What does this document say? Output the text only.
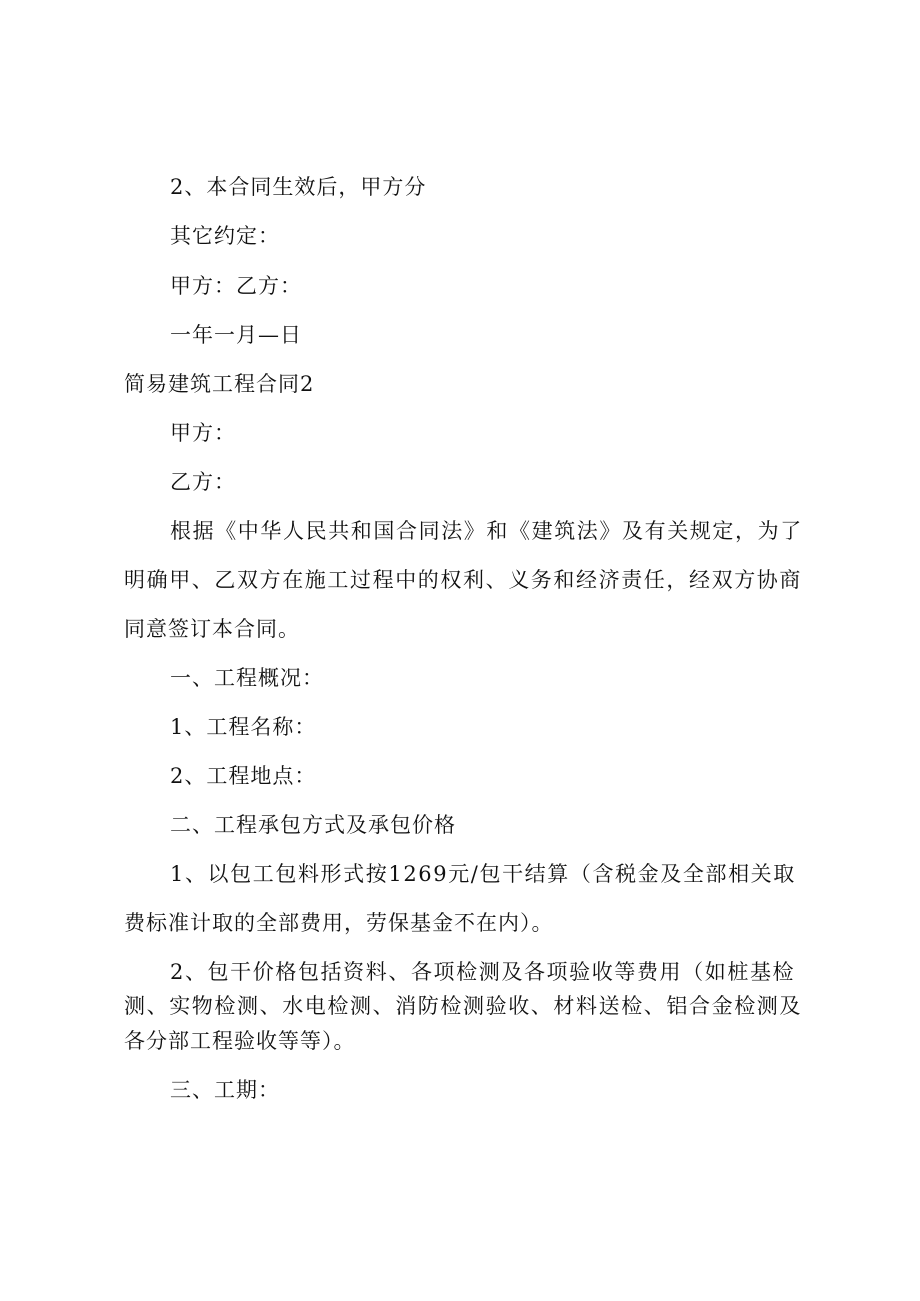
2、本合同生效后，甲方分
其它约定：
甲方：乙方：
一年一月—日
简易建筑工程合同2
甲方：
乙方：
根据《中华人民共和国合同法》和《建筑法》及有关规定，为了
明确甲、乙双方在施工过程中的权利、义务和经济责任，经双方协商
同意签订本合同。
一、工程概况：
1、工程名称：
2、工程地点：
二、工程承包方式及承包价格
1、以包工包料形式按1269元/包干结算（含税金及全部相关取
费标准计取的全部费用，劳保基金不在内）。
2、包干价格包括资料、各项检测及各项验收等费用（如桩基检
测、实物检测、水电检测、消防检测验收、材料送检、铝合金检测及
各分部工程验收等等）。
三、工期：
